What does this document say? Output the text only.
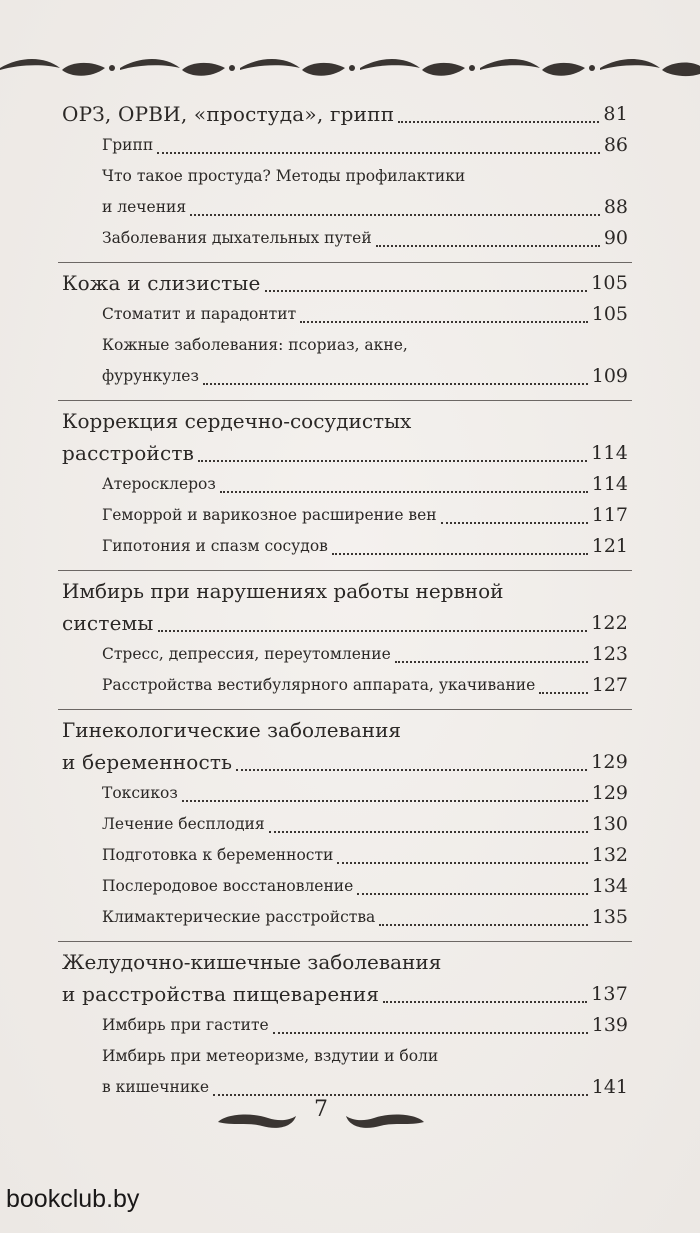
ОРЗ, ОРВИ, «простуда», грипп	81
Грипп	86
Что такое простуда? Методы профилактики
и лечения	88
Заболевания дыхательных путей	90
Кожа и слизистые	105
Стоматит и парадонтит	105
Кожные заболевания: псориаз, акне,
фурункулез	109
Коррекция сердечно-сосудистых
расстройств	114
Атеросклероз	114
Геморрой и варикозное расширение вен	117
Гипотония и спазм сосудов	121
Имбирь при нарушениях работы нервной
системы	122
Стресс, депрессия, переутомление	123
Расстройства вестибулярного аппарата, укачивание	127
Гинекологические заболевания
и беременность	129
Токсикоз	129
Лечение бесплодия	130
Подготовка к беременности	132
Послеродовое восстановление	134
Климактерические расстройства	135
Желудочно-кишечные заболевания
и расстройства пищеварения	137
Имбирь при гастите	139
Имбирь при метеоризме, вздутии и боли
в кишечнике	141
7
bookclub.by
